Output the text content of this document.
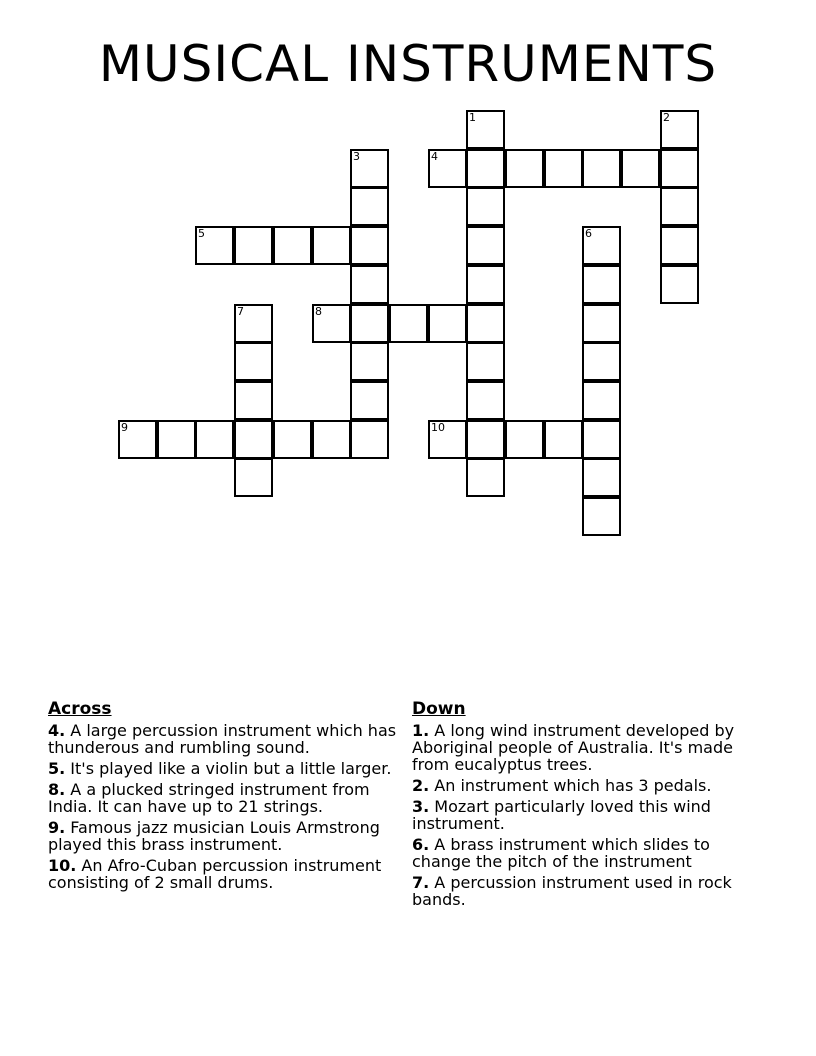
MUSICAL INSTRUMENTS
1	2
3	4
5	6
7	8
9	10
Across
4. A large percussion instrument which has thunderous and rumbling sound.
5. It's played like a violin but a little larger.
8. A a plucked stringed instrument from India. It can have up to 21 strings.
9. Famous jazz musician Louis Armstrong played this brass instrument.
10. An Afro-Cuban percussion instrument consisting of 2 small drums.
Down
1. A long wind instrument developed by Aboriginal people of Australia. It's made from eucalyptus trees.
2. An instrument which has 3 pedals.
3. Mozart particularly loved this wind instrument.
6. A brass instrument which slides to change the pitch of the instrument
7. A percussion instrument used in rock bands.
